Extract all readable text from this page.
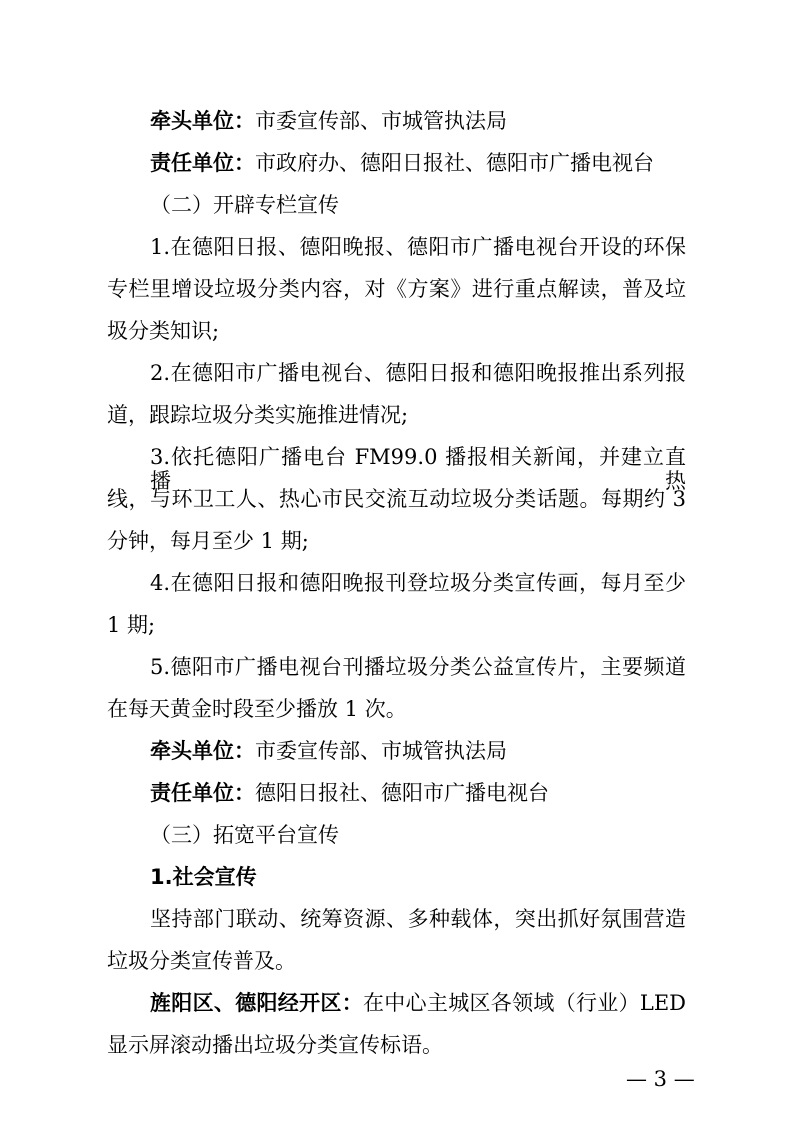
牵头单位：市委宣传部、市城管执法局

责任单位：市政府办、德阳日报社、德阳市广播电视台

（二）开辟专栏宣传

1.在德阳日报、德阳晚报、德阳市广播电视台开设的环保

专栏里增设垃圾分类内容，对《方案》进行重点解读，普及垃

圾分类知识;

2.在德阳市广播电视台、德阳日报和德阳晚报推出系列报

道，跟踪垃圾分类实施推进情况;

3.依托德阳广播电台 FM99.0 播报相关新闻，并建立直播热

线，与环卫工人、热心市民交流互动垃圾分类话题。每期约 3

分钟，每月至少 1 期;

4.在德阳日报和德阳晚报刊登垃圾分类宣传画，每月至少

1 期;

5.德阳市广播电视台刊播垃圾分类公益宣传片，主要频道

在每天黄金时段至少播放 1 次。

牵头单位：市委宣传部、市城管执法局

责任单位：德阳日报社、德阳市广播电视台

（三）拓宽平台宣传

1.社会宣传

坚持部门联动、统筹资源、多种载体，突出抓好氛围营造

垃圾分类宣传普及。

旌阳区、德阳经开区：在中心主城区各领域（行业）LED

显示屏滚动播出垃圾分类宣传标语。

— 3 —
